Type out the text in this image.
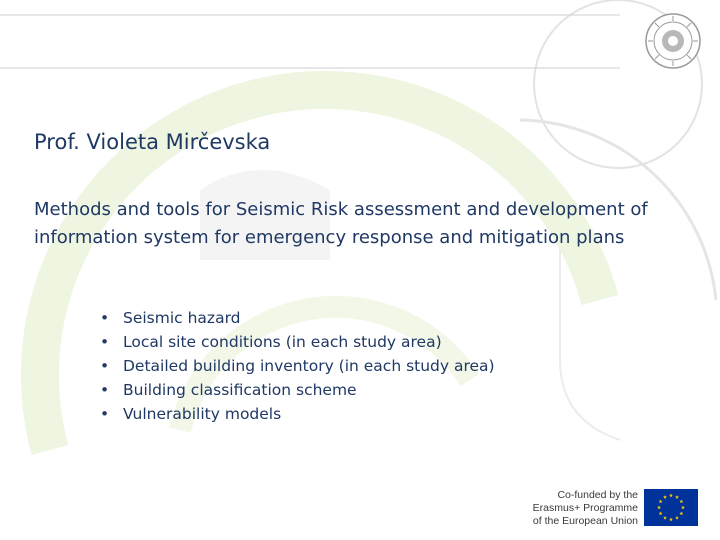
Prof. Violeta Mirčevska

Methods and tools for Seismic Risk assessment and development of information system for emergency response and mitigation plans

• Seismic hazard
• Local site conditions (in each study area)
• Detailed building inventory (in each study area)
• Building classification scheme
• Vulnerability models

Co-funded by the
Erasmus+ Programme
of the European Union
